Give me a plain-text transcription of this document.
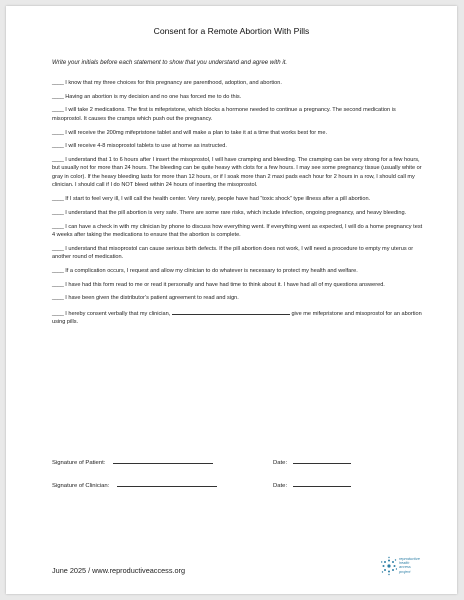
Consent for a Remote Abortion With Pills
Write your initials before each statement to show that you understand and agree with it.
____ I know that my three choices for this pregnancy are parenthood, adoption, and abortion.
____ Having an abortion is my decision and no one has forced me to do this.
____ I will take 2 medications. The first is mifepristone, which blocks a hormone needed to continue a pregnancy. The second medication is misoprostol. It causes the cramps which push out the pregnancy.
____ I will receive the 200mg mifepristone tablet and will make a plan to take it at a time that works best for me.
____ I will receive 4-8 misoprostol tablets to use at home as instructed.
____ I understand that 1 to 6 hours after I insert the misoprostol, I will have cramping and bleeding. The cramping can be very strong for a few hours, but usually not for more than 24 hours. The bleeding can be quite heavy with clots for a few hours. I may see some pregnancy tissue (usually white or gray in color). If the heavy bleeding lasts for more than 12 hours, or if I soak more than 2 maxi pads each hour for 2 hours in a row, I should call my clinician. I should call if I do NOT bleed within 24 hours of inserting the misoprostol.
____ If I start to feel very ill, I will call the health center. Very rarely, people have had “toxic shock” type illness after a pill abortion.
____ I understand that the pill abortion is very safe. There are some rare risks, which include infection, ongoing pregnancy, and heavy bleeding.
____ I can have a check in with my clinician by phone to discuss how everything went. If everything went as expected, I will do a home pregnancy test 4 weeks after taking the medications to ensure that the abortion is complete.
____ I understand that misoprostol can cause serious birth defects. If the pill abortion does not work, I will need a procedure to empty my uterus or another round of medication.
____ If a complication occurs, I request and allow my clinician to do whatever is necessary to protect my health and welfare.
____ I have had this form read to me or read it personally and have had time to think about it. I have had all of my questions answered.
____ I have been given the distributor’s patient agreement to read and sign.
____ I hereby consent verbally that my clinician,	give me mifepristone and misoprostol for an abortion using pills.
Signature of Patient:	Date:
Signature of Clinician:	Date:
June 2025 / www.reproductiveaccess.org
reproductive
health
access
project
